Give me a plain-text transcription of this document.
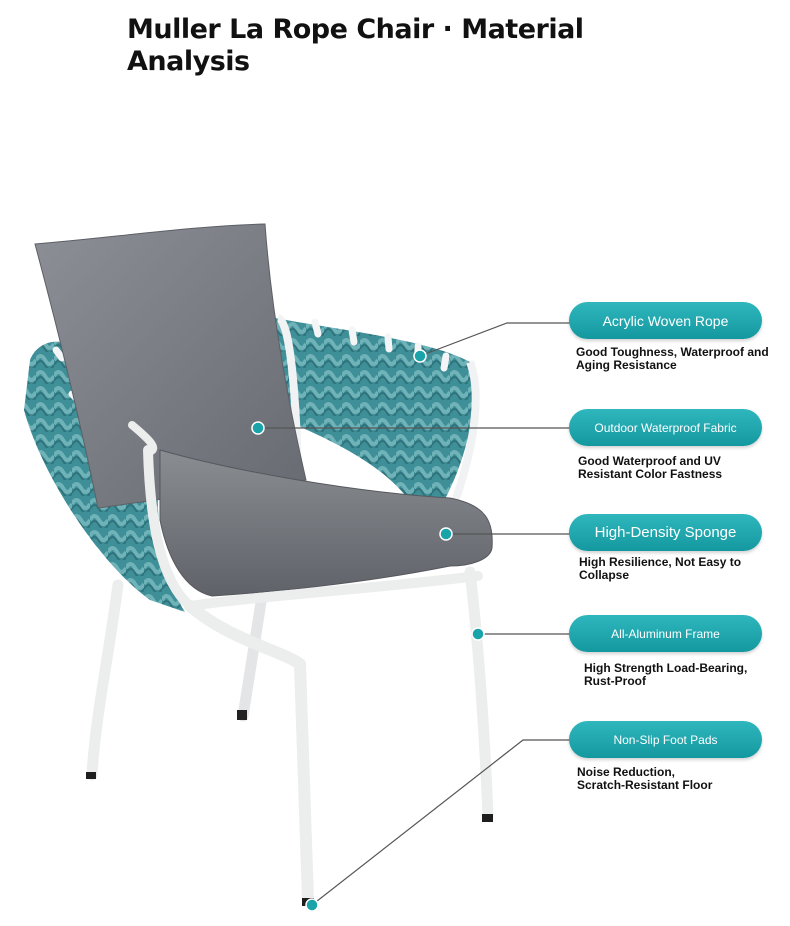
Muller La Rope Chair · Material Analysis
Acrylic Woven Rope
Good Toughness, Waterproof and
Aging Resistance
Outdoor Waterproof Fabric
Good Waterproof and UV
Resistant Color Fastness
High-Density Sponge
High Resilience, Not Easy to
Collapse
All-Aluminum Frame
High Strength Load-Bearing,
Rust-Proof
Non-Slip Foot Pads
Noise Reduction,
Scratch-Resistant Floor
